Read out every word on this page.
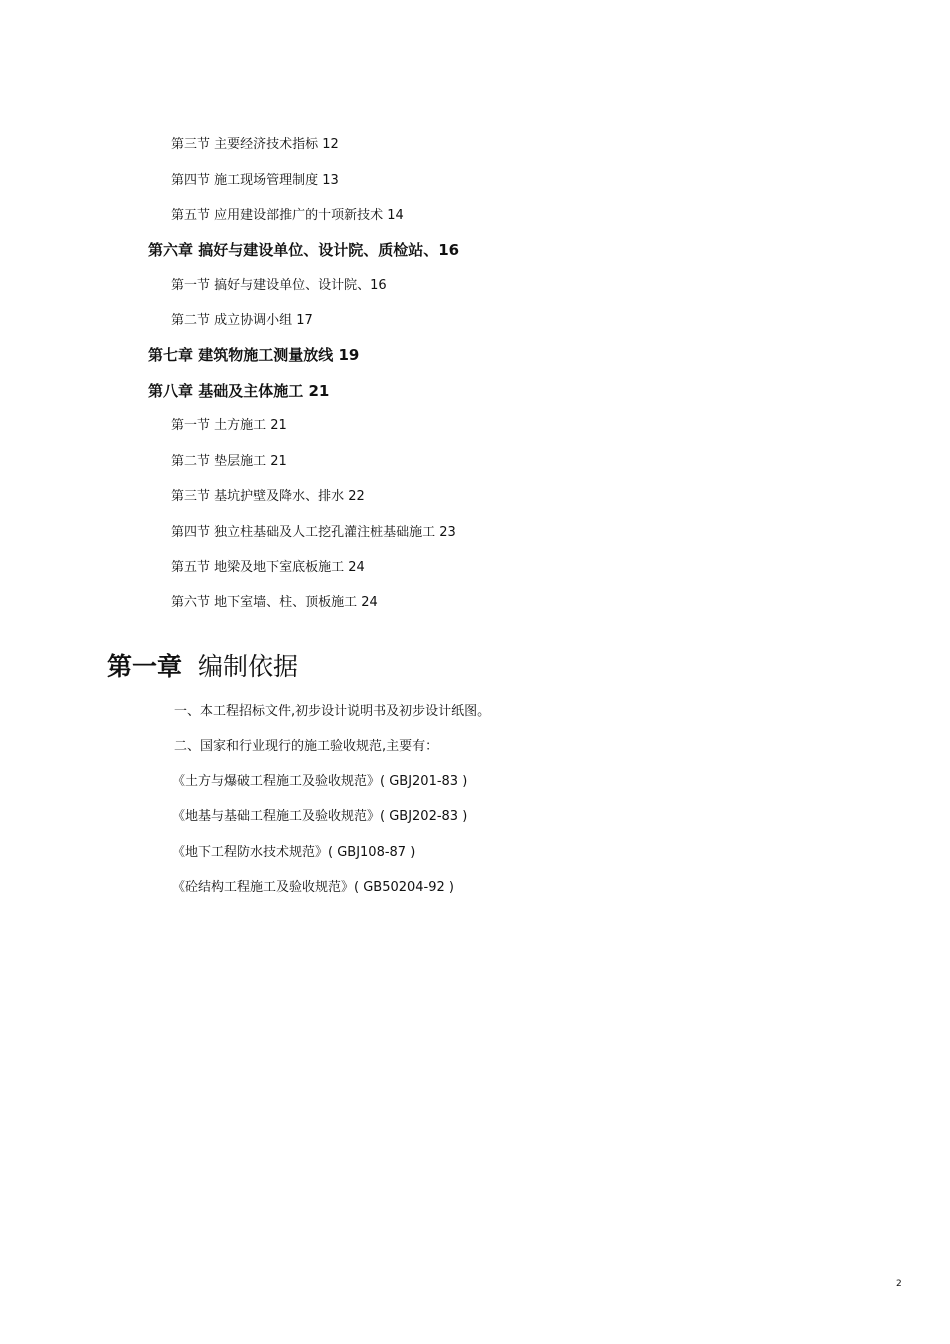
第三节 主要经济技术指标 12
第四节 施工现场管理制度 13
第五节 应用建设部推广的十项新技术 14
第六章 搞好与建设单位、设计院、质检站、16
第一节 搞好与建设单位、设计院、16
第二节 成立协调小组 17
第七章 建筑物施工测量放线 19
第八章 基础及主体施工 21
第一节 土方施工 21
第二节 垫层施工 21
第三节 基坑护壁及降水、排水 22
第四节 独立柱基础及人工挖孔灌注桩基础施工 23
第五节 地梁及地下室底板施工 24
第六节 地下室墙、柱、顶板施工 24
第一章 编制依据
一、本工程招标文件,初步设计说明书及初步设计纸图。
二、国家和行业现行的施工验收规范,主要有：
《土方与爆破工程施工及验收规范》( GBJ201-83 )
《地基与基础工程施工及验收规范》( GBJ202-83 )
《地下工程防水技术规范》( GBJ108-87 )
《砼结构工程施工及验收规范》( GB50204-92 )
2
